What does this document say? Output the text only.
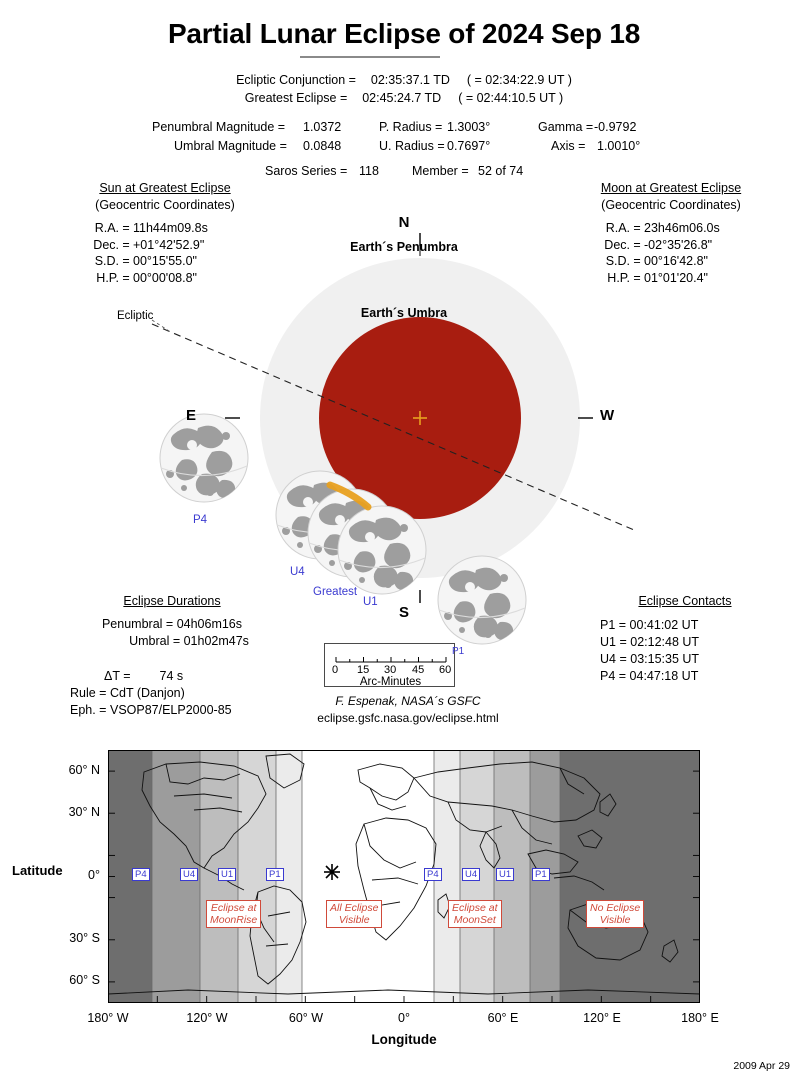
Partial Lunar Eclipse of 2024 Sep 18
Ecliptic Conjunction = 02:35:37.1 TD ( = 02:34:22.9 UT )
Greatest Eclipse = 02:45:24.7 TD ( = 02:44:10.5 UT )
Penumbral Magnitude = 1.0372	P. Radius = 1.3003°	Gamma = -0.9792
Umbral Magnitude = 0.0848	U. Radius = 0.7697°	Axis = 1.0010°
Saros Series = 118	Member = 52 of 74
Sun at Greatest Eclipse
(Geocentric Coordinates)
R.A. = 11h44m09.8s
Dec. = +01°42'52.9"
S.D. = 00°15'55.0"
H.P. = 00°00'08.8"
Moon at Greatest Eclipse
(Geocentric Coordinates)
R.A. = 23h46m06.0s
Dec. = -02°35'26.8"
S.D. = 00°16'42.8"
H.P. = 01°01'20.4"
N
S
E	W
Earth´s Penumbra
Earth´s Umbra
Ecliptic
P4
U4
Greatest
U1
Eclipse Durations
Penumbral = 04h06m16s
Umbral = 01h02m47s
ΔT = 74 s
Rule = CdT (Danjon)
Eph. = VSOP87/ELP2000-85
Eclipse Contacts
P1 = 00:41:02 UT
U1 = 02:12:48 UT
U4 = 03:15:35 UT
P4 = 04:47:18 UT
0 15 30 45 60
Arc-Minutes
P1
F. Espenak, NASA´s GSFC
eclipse.gsfc.nasa.gov/eclipse.html
P4	U4	U1	P1	P4	U4	U1	P1
Eclipse at
MoonRise
All Eclipse
Visible
Eclipse at
MoonSet
No Eclipse
Visible
60° N
30° N
0°
30° S
60° S
Latitude
180° W	120° W	60° W	0°	60° E	120° E	180° E
Longitude
2009 Apr 29
